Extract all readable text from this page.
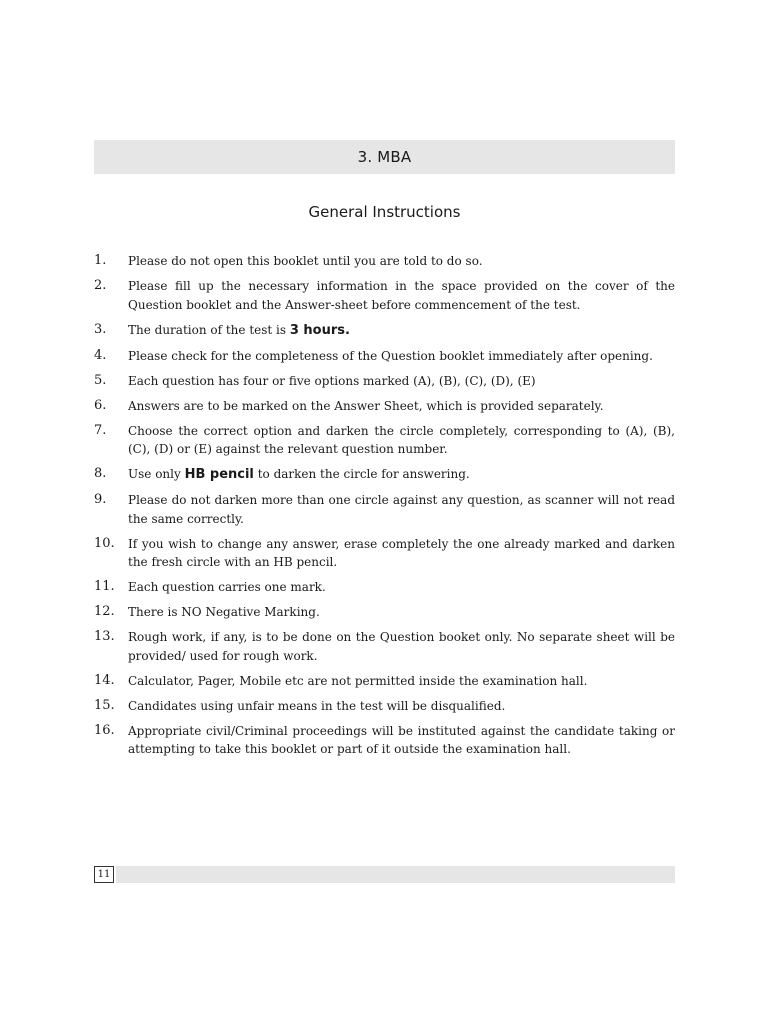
3. MBA
General Instructions
1.	Please do not open this booklet until you are told to do so.
2.	Please fill up the necessary information in the space provided on the cover of the Question booklet and the Answer-sheet before commencement of the test.
3.	The duration of the test is 3 hours.
4.	Please check for the completeness of the Question booklet immediately after opening.
5.	Each question has four or five options marked (A), (B), (C), (D), (E)
6.	Answers are to be marked on the Answer Sheet, which is provided separately.
7.	Choose the correct option and darken the circle completely, corresponding to (A), (B), (C), (D) or (E) against the relevant question number.
8.	Use only HB pencil to darken the circle for answering.
9.	Please do not darken more than one circle against any question, as scanner will not read the same correctly.
10.	If you wish to change any answer, erase completely the one already marked and darken the fresh circle with an HB pencil.
11.	Each question carries one mark.
12.	There is NO Negative Marking.
13.	Rough work, if any, is to be done on the Question booket only. No separate sheet will be provided/ used for rough work.
14.	Calculator, Pager, Mobile etc are not permitted inside the examination hall.
15.	Candidates using unfair means in the test will be disqualified.
16.	Appropriate civil/Criminal proceedings will be instituted against the candidate taking or attempting to take this booklet or part of it outside the examination hall.
11
